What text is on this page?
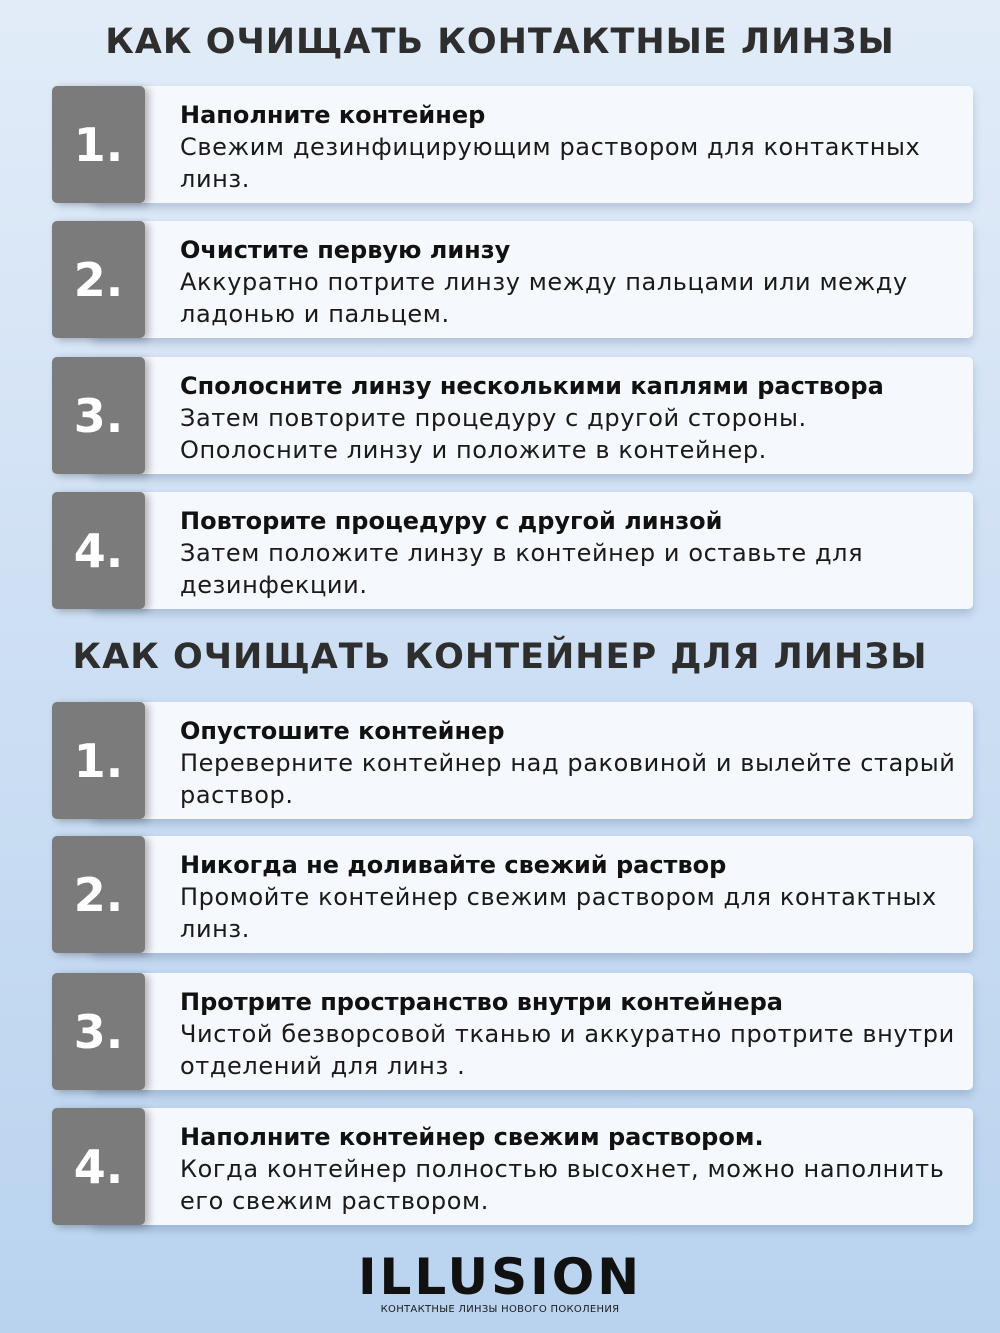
КАК ОЧИЩАТЬ КОНТАКТНЫЕ ЛИНЗЫ
1.
Наполните контейнер
Свежим дезинфицирующим раствором для контактных линз.
2.
Очистите первую линзу
Аккуратно потрите линзу между пальцами или между ладонью и пальцем.
3.
Сполосните линзу несколькими каплями раствора
Затем повторите процедуру с другой стороны. Ополосните линзу и положите в контейнер.
4.
Повторите процедуру с другой линзой
Затем положите линзу в контейнер и оставьте для дезинфекции.
КАК ОЧИЩАТЬ КОНТЕЙНЕР ДЛЯ ЛИНЗЫ
1.
Опустошите контейнер
Переверните контейнер над раковиной и вылейте старый раствор.
2.
Никогда не доливайте свежий раствор
Промойте контейнер свежим раствором для контактных линз.
3.
Протрите пространство внутри контейнера
Чистой безворсовой тканью и аккуратно протрите внутри отделений для линз .
4.
Наполните контейнер свежим раствором.
Когда контейнер полностью высохнет, можно наполнить его свежим раствором.
ILLUSION
КОНТАКТНЫЕ ЛИНЗЫ НОВОГО ПОКОЛЕНИЯ
